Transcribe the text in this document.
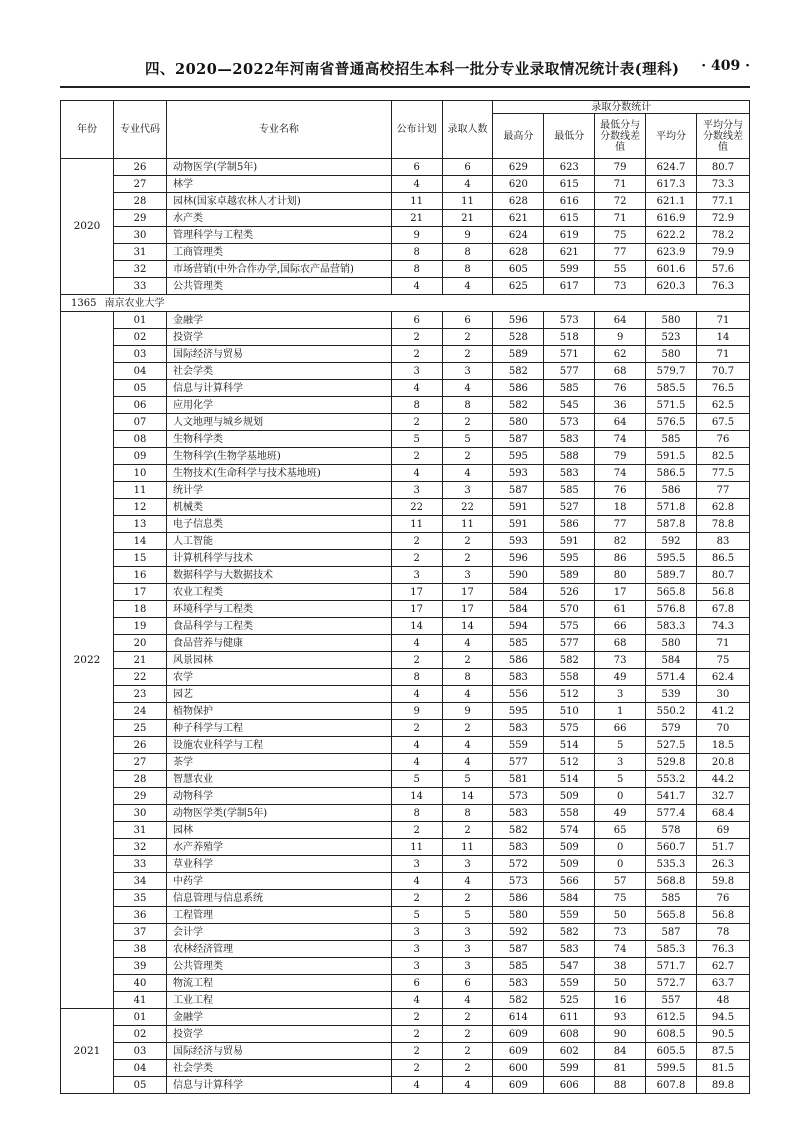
四、2020—2022年河南省普通高校招生本科一批分专业录取情况统计表(理科) · 409 ·
年份	专业代码	专业名称	公布计划	录取人数	录取分数统计				
					最高分	最低分	最低分与分数线差值	平均分	平均分与分数线差值
2020	26	动物医学(学制5年)	6	6	629	623	79	624.7	80.7
	27	林学	4	4	620	615	71	617.3	73.3
	28	园林(国家卓越农林人才计划)	11	11	628	616	72	621.1	77.1
	29	水产类	21	21	621	615	71	616.9	72.9
	30	管理科学与工程类	9	9	624	619	75	622.2	78.2
	31	工商管理类	8	8	628	621	77	623.9	79.9
	32	市场营销(中外合作办学,国际农产品营销)	8	8	605	599	55	601.6	57.6
	33	公共管理类	4	4	625	617	73	620.3	76.3
1365 南京农业大学									
2022	01	金融学	6	6	596	573	64	580	71
	02	投资学	2	2	528	518	9	523	14
	03	国际经济与贸易	2	2	589	571	62	580	71
	04	社会学类	3	3	582	577	68	579.7	70.7
	05	信息与计算科学	4	4	586	585	76	585.5	76.5
	06	应用化学	8	8	582	545	36	571.5	62.5
	07	人文地理与城乡规划	2	2	580	573	64	576.5	67.5
	08	生物科学类	5	5	587	583	74	585	76
	09	生物科学(生物学基地班)	2	2	595	588	79	591.5	82.5
	10	生物技术(生命科学与技术基地班)	4	4	593	583	74	586.5	77.5
	11	统计学	3	3	587	585	76	586	77
	12	机械类	22	22	591	527	18	571.8	62.8
	13	电子信息类	11	11	591	586	77	587.8	78.8
	14	人工智能	2	2	593	591	82	592	83
	15	计算机科学与技术	2	2	596	595	86	595.5	86.5
	16	数据科学与大数据技术	3	3	590	589	80	589.7	80.7
	17	农业工程类	17	17	584	526	17	565.8	56.8
	18	环境科学与工程类	17	17	584	570	61	576.8	67.8
	19	食品科学与工程类	14	14	594	575	66	583.3	74.3
	20	食品营养与健康	4	4	585	577	68	580	71
	21	风景园林	2	2	586	582	73	584	75
	22	农学	8	8	583	558	49	571.4	62.4
	23	园艺	4	4	556	512	3	539	30
	24	植物保护	9	9	595	510	1	550.2	41.2
	25	种子科学与工程	2	2	583	575	66	579	70
	26	设施农业科学与工程	4	4	559	514	5	527.5	18.5
	27	茶学	4	4	577	512	3	529.8	20.8
	28	智慧农业	5	5	581	514	5	553.2	44.2
	29	动物科学	14	14	573	509	0	541.7	32.7
	30	动物医学类(学制5年)	8	8	583	558	49	577.4	68.4
	31	园林	2	2	582	574	65	578	69
	32	水产养殖学	11	11	583	509	0	560.7	51.7
	33	草业科学	3	3	572	509	0	535.3	26.3
	34	中药学	4	4	573	566	57	568.8	59.8
	35	信息管理与信息系统	2	2	586	584	75	585	76
	36	工程管理	5	5	580	559	50	565.8	56.8
	37	会计学	3	3	592	582	73	587	78
	38	农林经济管理	3	3	587	583	74	585.3	76.3
	39	公共管理类	3	3	585	547	38	571.7	62.7
	40	物流工程	6	6	583	559	50	572.7	63.7
	41	工业工程	4	4	582	525	16	557	48
2021	01	金融学	2	2	614	611	93	612.5	94.5
	02	投资学	2	2	609	608	90	608.5	90.5
	03	国际经济与贸易	2	2	609	602	84	605.5	87.5
	04	社会学类	2	2	600	599	81	599.5	81.5
	05	信息与计算科学	4	4	609	606	88	607.8	89.8
